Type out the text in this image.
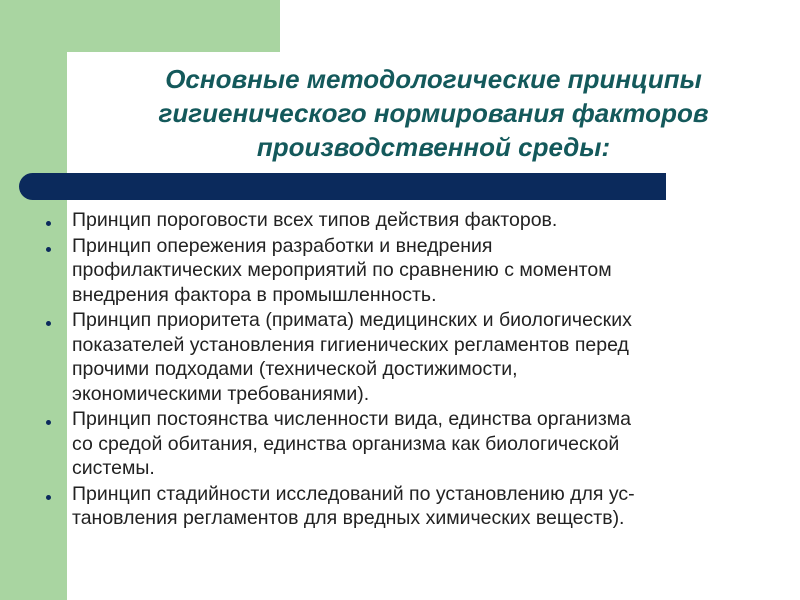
Основные методологические принципы
гигиенического нормирования факторов
производственной среды:
Принцип пороговости всех типов действия факторов.
Принцип опережения разработки и внедрения
профилактических мероприятий по сравнению с моментом
внедрения фактора в промышленность.
Принцип приоритета (примата) медицинских и биологических
показателей установления гигиенических регламентов перед
прочими подходами (технической достижимости,
экономическими требованиями).
Принцип постоянства численности вида, единства организма
со средой обитания, единства организма как биологической
системы.
Принцип стадийности исследований по установлению для ус-
тановления регламентов для вредных химических веществ).
